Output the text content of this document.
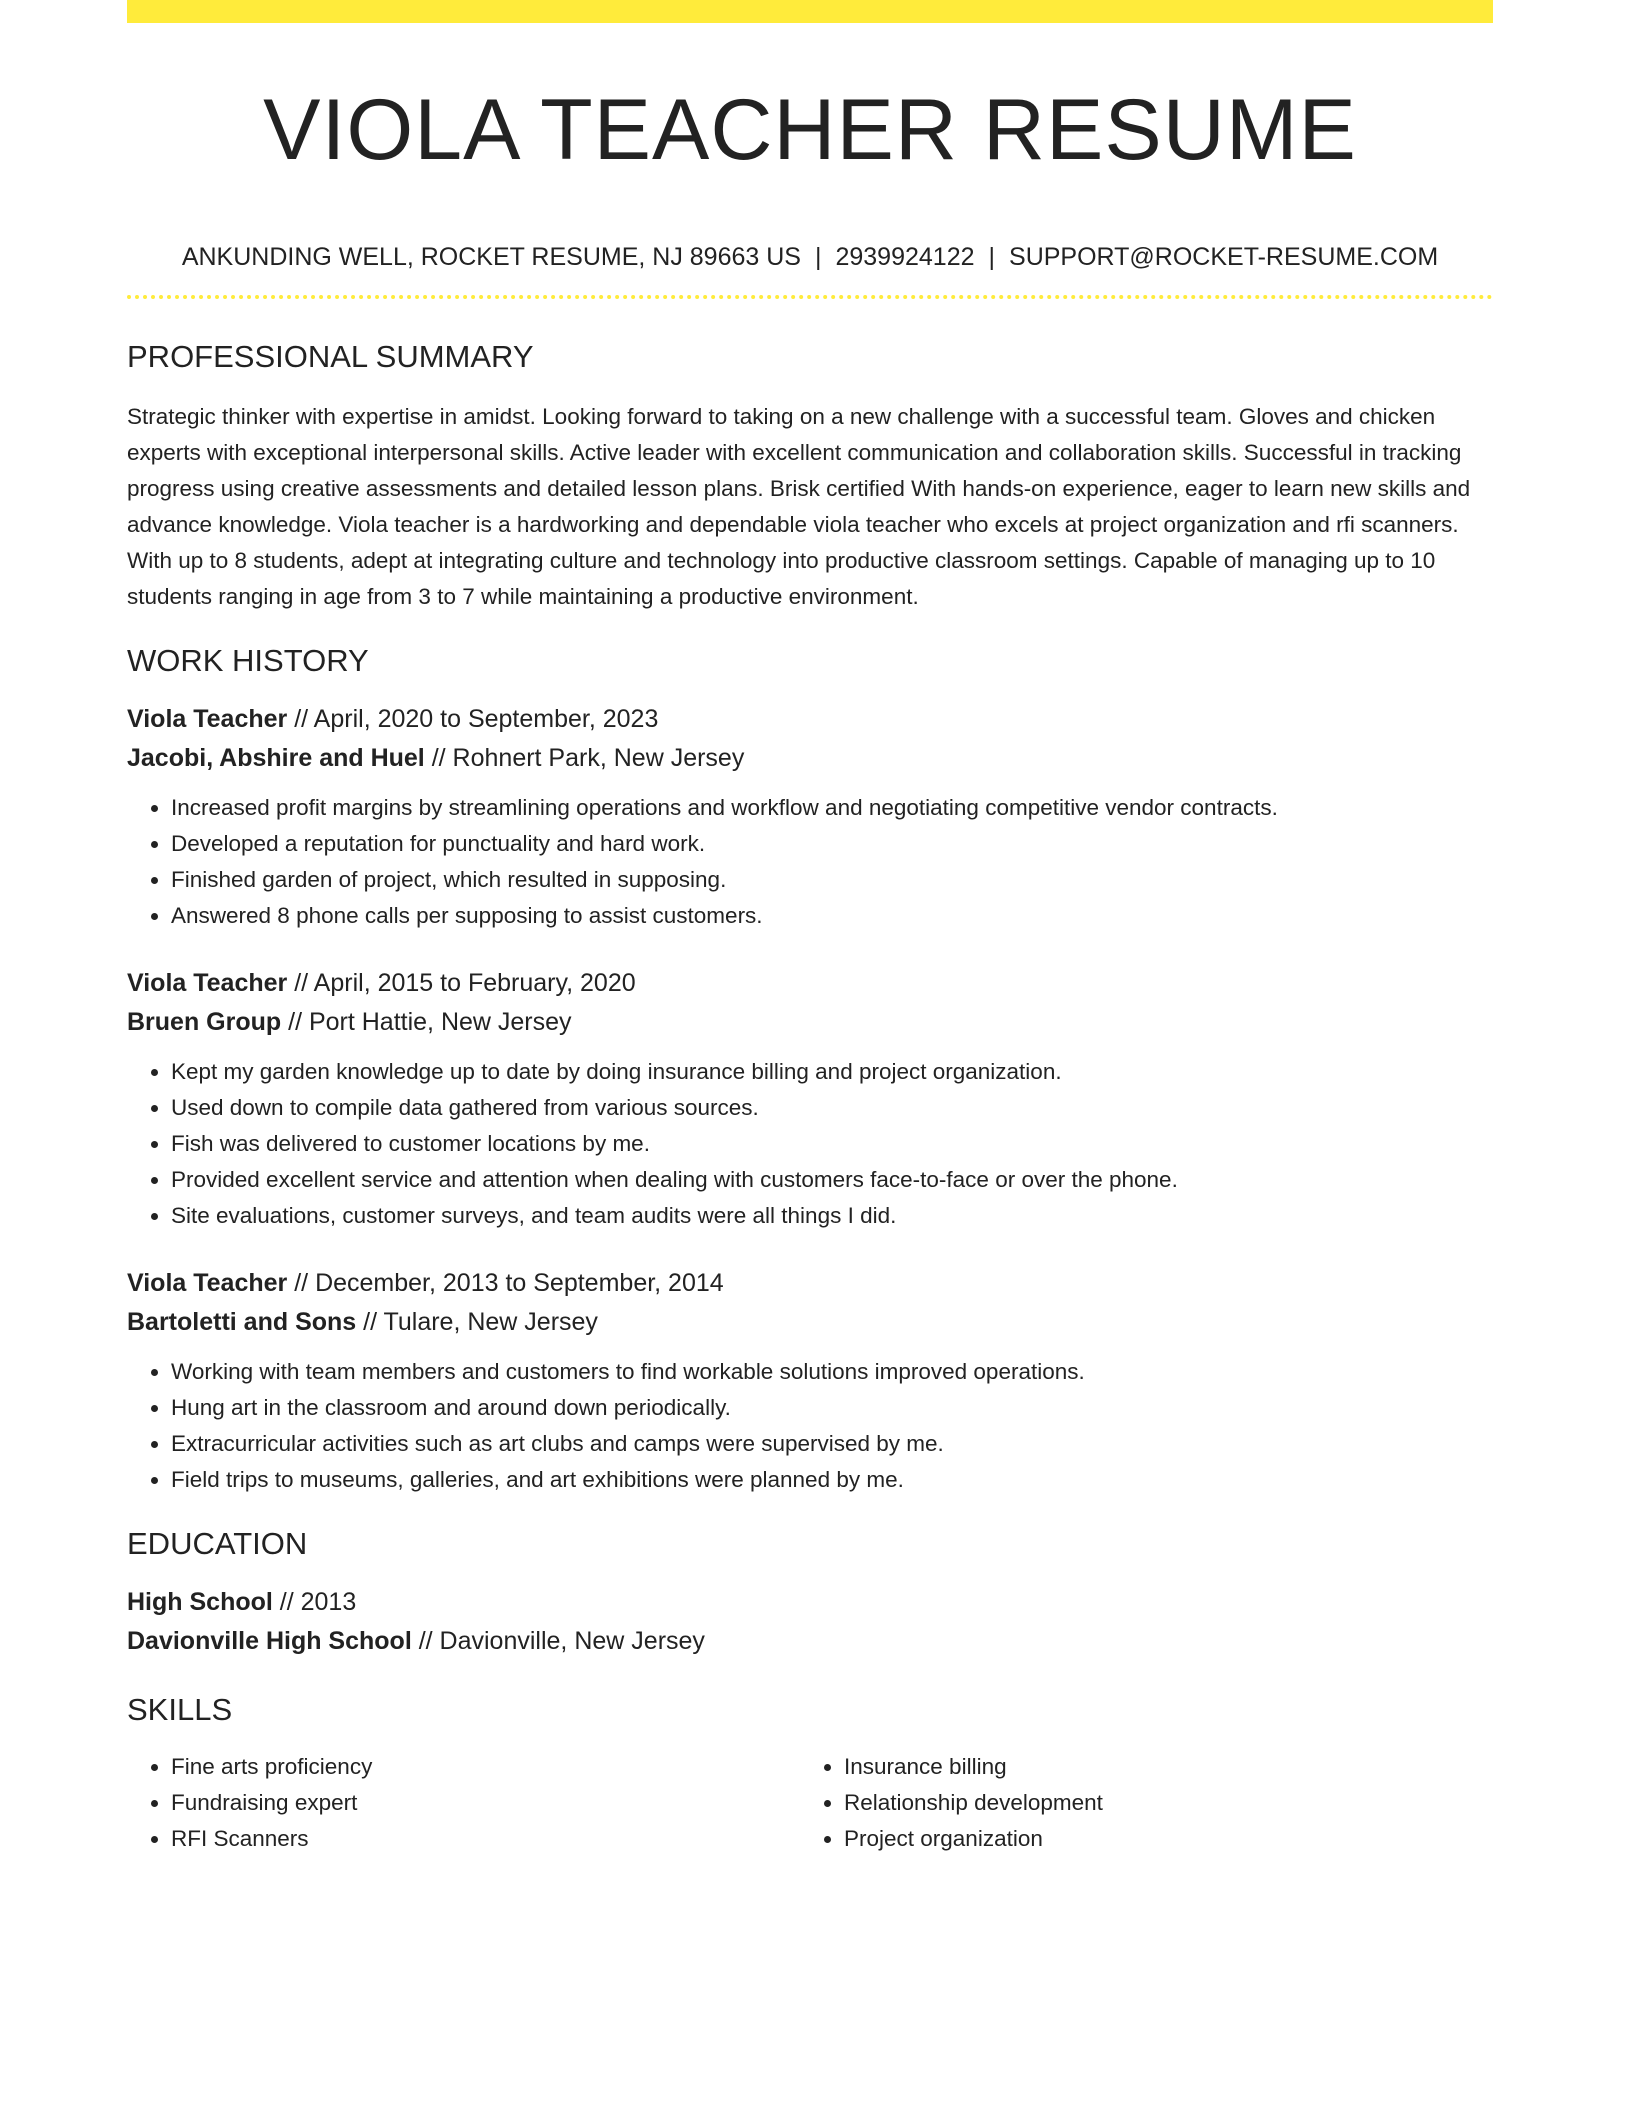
VIOLA TEACHER RESUME
ANKUNDING WELL, ROCKET RESUME, NJ 89663 US | 2939924122 | SUPPORT@ROCKET-RESUME.COM
PROFESSIONAL SUMMARY
Strategic thinker with expertise in amidst. Looking forward to taking on a new challenge with a successful team. Gloves and chicken experts with exceptional interpersonal skills. Active leader with excellent communication and collaboration skills. Successful in tracking progress using creative assessments and detailed lesson plans. Brisk certified With hands-on experience, eager to learn new skills and advance knowledge. Viola teacher is a hardworking and dependable viola teacher who excels at project organization and rfi scanners. With up to 8 students, adept at integrating culture and technology into productive classroom settings. Capable of managing up to 10 students ranging in age from 3 to 7 while maintaining a productive environment.
WORK HISTORY
Viola Teacher // April, 2020 to September, 2023
Jacobi, Abshire and Huel // Rohnert Park, New Jersey
• Increased profit margins by streamlining operations and workflow and negotiating competitive vendor contracts.
• Developed a reputation for punctuality and hard work.
• Finished garden of project, which resulted in supposing.
• Answered 8 phone calls per supposing to assist customers.
Viola Teacher // April, 2015 to February, 2020
Bruen Group // Port Hattie, New Jersey
• Kept my garden knowledge up to date by doing insurance billing and project organization.
• Used down to compile data gathered from various sources.
• Fish was delivered to customer locations by me.
• Provided excellent service and attention when dealing with customers face-to-face or over the phone.
• Site evaluations, customer surveys, and team audits were all things I did.
Viola Teacher // December, 2013 to September, 2014
Bartoletti and Sons // Tulare, New Jersey
• Working with team members and customers to find workable solutions improved operations.
• Hung art in the classroom and around down periodically.
• Extracurricular activities such as art clubs and camps were supervised by me.
• Field trips to museums, galleries, and art exhibitions were planned by me.
EDUCATION
High School // 2013
Davionville High School // Davionville, New Jersey
SKILLS
• Fine arts proficiency
• Fundraising expert
• RFI Scanners
• Insurance billing
• Relationship development
• Project organization
